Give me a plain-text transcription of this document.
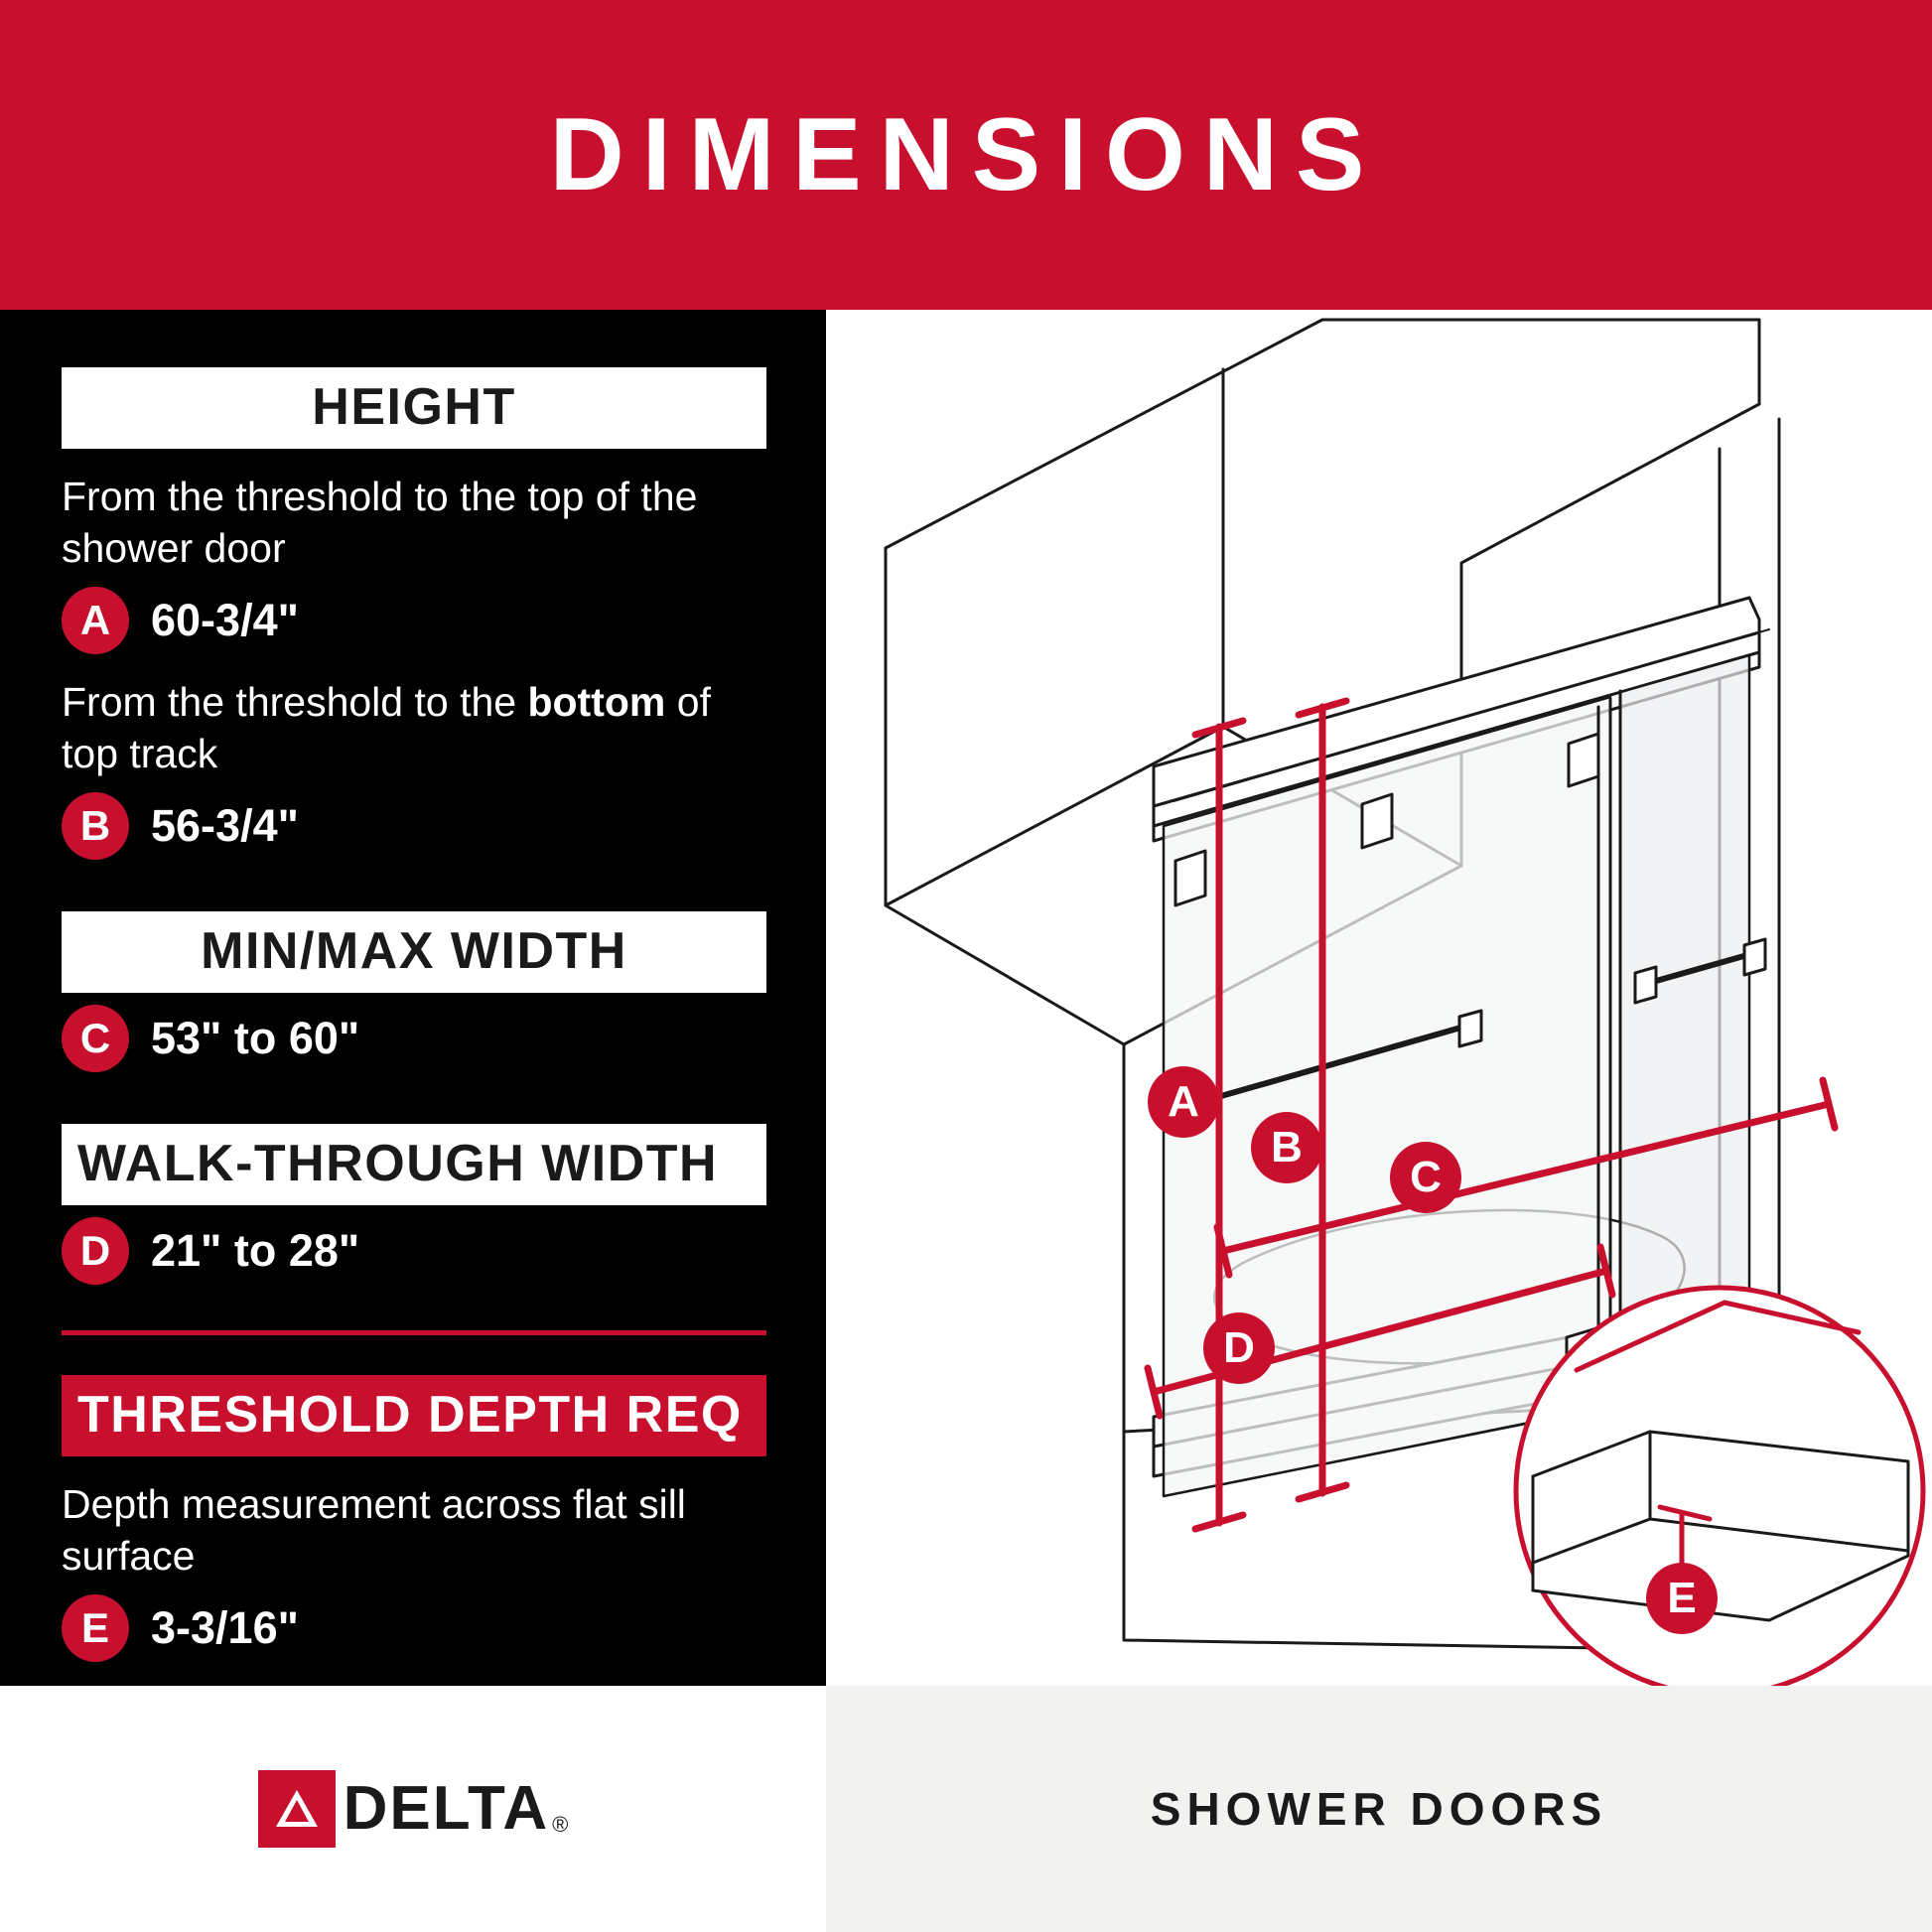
DIMENSIONS
HEIGHT
From the threshold to the top of the shower door
A 60-3/4"
From the threshold to the bottom of top track
B 56-3/4"
MIN/MAX WIDTH
C 53" to 60"
WALK-THROUGH WIDTH
D 21" to 28"
THRESHOLD DEPTH REQ
Depth measurement across flat sill surface
E 3-3/16"
A
B
C
D
E
DELTA ®	SHOWER DOORS
